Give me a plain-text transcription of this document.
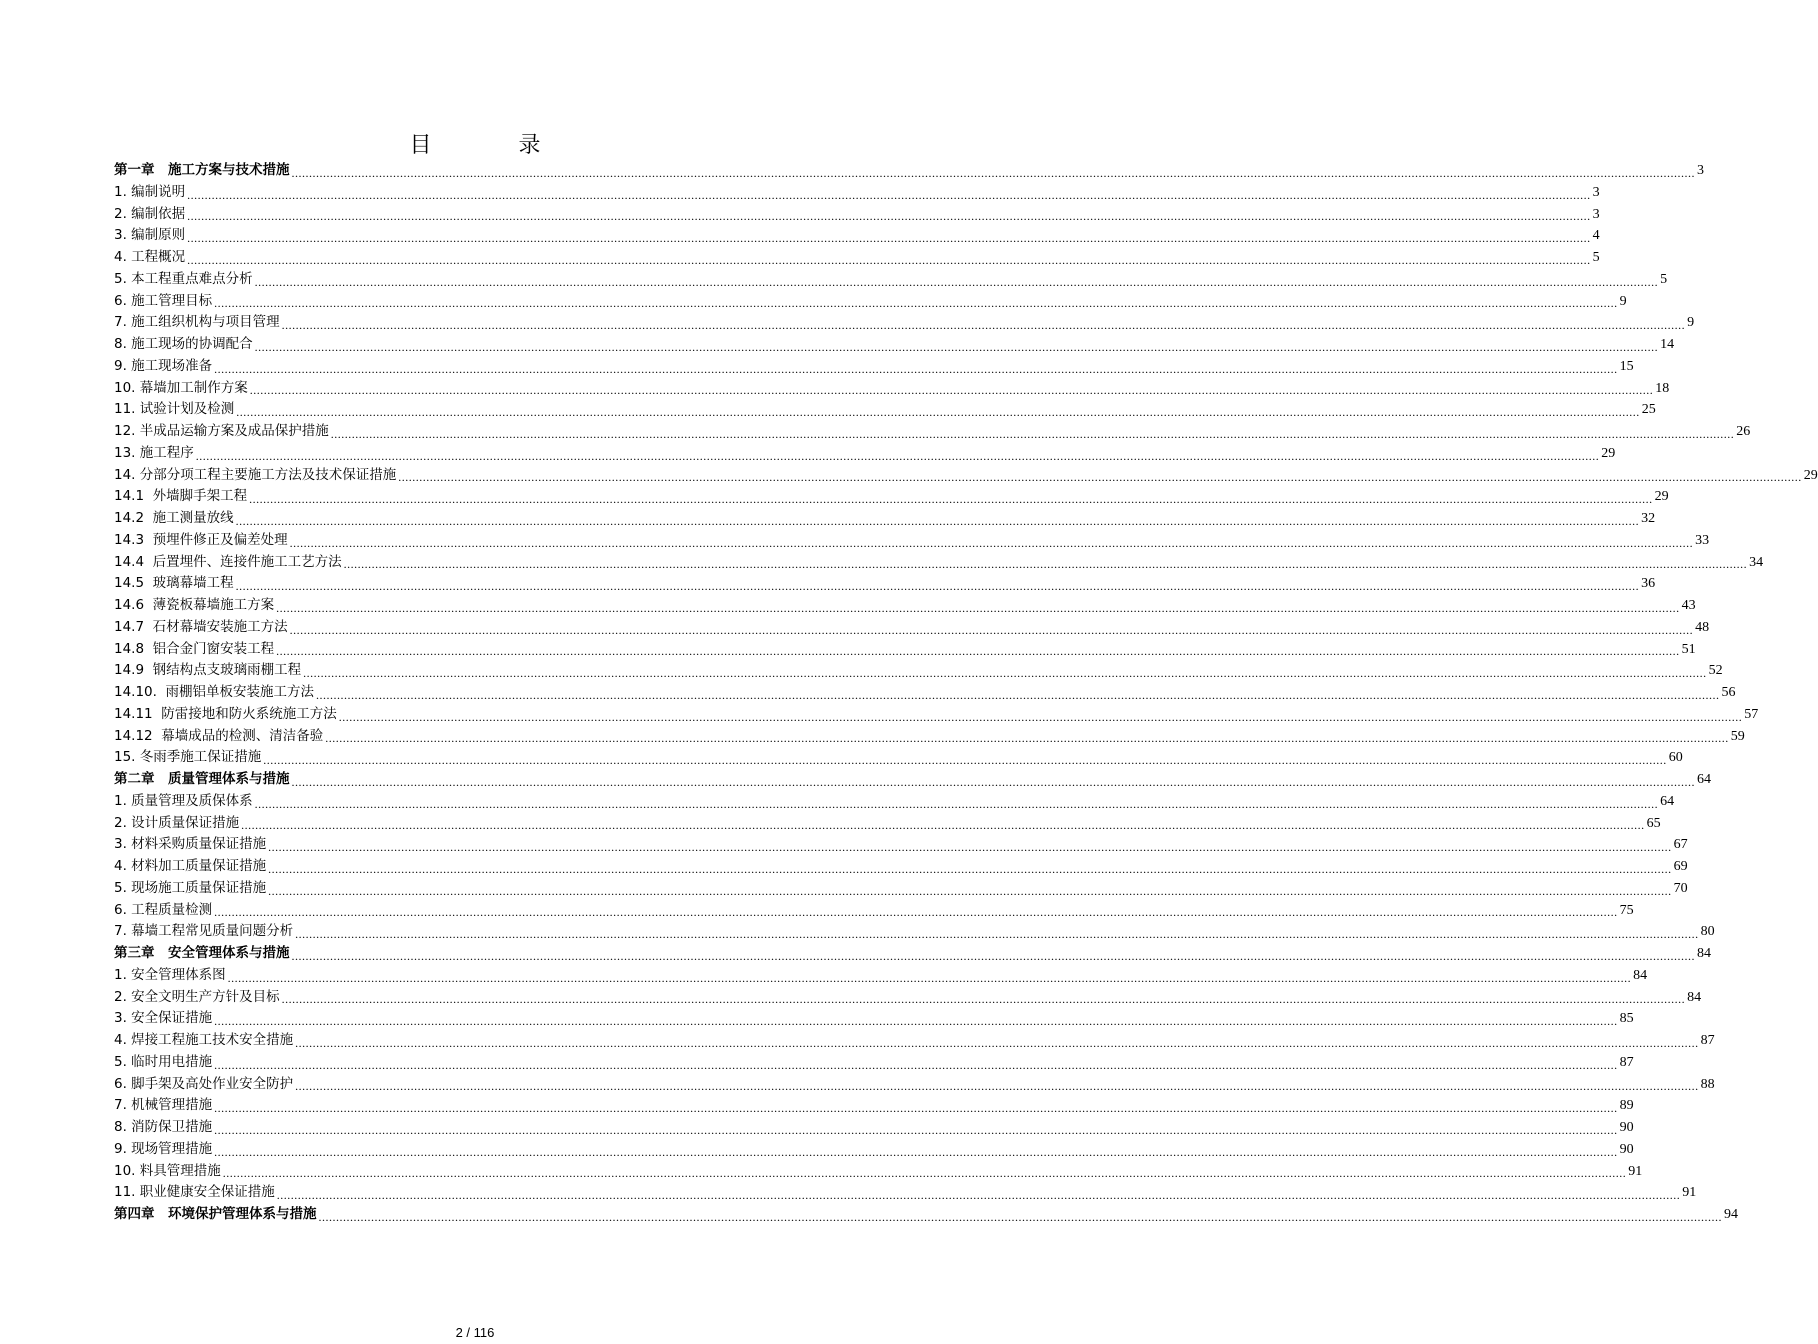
目 录
第一章　施工方案与技术措施 ................................................................................................................................................................................................................................................................................................................................................................................................................. 3
1. 编制说明 ................................................................................................................................................................................................................................................................................................................................................................................................................. 3
2. 编制依据 ................................................................................................................................................................................................................................................................................................................................................................................................................. 3
3. 编制原则 ................................................................................................................................................................................................................................................................................................................................................................................................................. 4
4. 工程概况 ................................................................................................................................................................................................................................................................................................................................................................................................................. 5
5. 本工程重点难点分析 ................................................................................................................................................................................................................................................................................................................................................................................................................. 5
6. 施工管理目标 ................................................................................................................................................................................................................................................................................................................................................................................................................. 9
7. 施工组织机构与项目管理 ................................................................................................................................................................................................................................................................................................................................................................................................................. 9
8. 施工现场的协调配合 ................................................................................................................................................................................................................................................................................................................................................................................................................. 14
9. 施工现场准备 ................................................................................................................................................................................................................................................................................................................................................................................................................. 15
10. 幕墙加工制作方案 ................................................................................................................................................................................................................................................................................................................................................................................................................. 18
11. 试验计划及检测 ................................................................................................................................................................................................................................................................................................................................................................................................................. 25
12. 半成品运输方案及成品保护措施 ................................................................................................................................................................................................................................................................................................................................................................................................................. 26
13. 施工程序 ................................................................................................................................................................................................................................................................................................................................................................................................................. 29
14. 分部分项工程主要施工方法及技术保证措施 ................................................................................................................................................................................................................................................................................................................................................................................................................. 29
14.1  外墙脚手架工程 ................................................................................................................................................................................................................................................................................................................................................................................................................. 29
14.2  施工测量放线 ................................................................................................................................................................................................................................................................................................................................................................................................................. 32
14.3  预埋件修正及偏差处理 ................................................................................................................................................................................................................................................................................................................................................................................................................. 33
14.4  后置埋件、连接件施工工艺方法 ................................................................................................................................................................................................................................................................................................................................................................................................................. 34
14.5  玻璃幕墙工程 ................................................................................................................................................................................................................................................................................................................................................................................................................. 36
14.6  薄瓷板幕墙施工方案 ................................................................................................................................................................................................................................................................................................................................................................................................................. 43
14.7  石材幕墙安装施工方法 ................................................................................................................................................................................................................................................................................................................................................................................................................. 48
14.8  铝合金门窗安装工程 ................................................................................................................................................................................................................................................................................................................................................................................................................. 51
14.9  钢结构点支玻璃雨棚工程 ................................................................................................................................................................................................................................................................................................................................................................................................................. 52
14.10.  雨棚铝单板安装施工方法 ................................................................................................................................................................................................................................................................................................................................................................................................................. 56
14.11  防雷接地和防火系统施工方法 ................................................................................................................................................................................................................................................................................................................................................................................................................. 57
14.12  幕墙成品的检测、清洁备验 ................................................................................................................................................................................................................................................................................................................................................................................................................. 59
15. 冬雨季施工保证措施 ................................................................................................................................................................................................................................................................................................................................................................................................................. 60
第二章　质量管理体系与措施 ................................................................................................................................................................................................................................................................................................................................................................................................................. 64
1. 质量管理及质保体系 ................................................................................................................................................................................................................................................................................................................................................................................................................. 64
2. 设计质量保证措施 ................................................................................................................................................................................................................................................................................................................................................................................................................. 65
3. 材料采购质量保证措施 ................................................................................................................................................................................................................................................................................................................................................................................................................. 67
4. 材料加工质量保证措施 ................................................................................................................................................................................................................................................................................................................................................................................................................. 69
5. 现场施工质量保证措施 ................................................................................................................................................................................................................................................................................................................................................................................................................. 70
6. 工程质量检测 ................................................................................................................................................................................................................................................................................................................................................................................................................. 75
7. 幕墙工程常见质量问题分析 ................................................................................................................................................................................................................................................................................................................................................................................................................. 80
第三章　安全管理体系与措施 ................................................................................................................................................................................................................................................................................................................................................................................................................. 84
1. 安全管理体系图 ................................................................................................................................................................................................................................................................................................................................................................................................................. 84
2. 安全文明生产方针及目标 ................................................................................................................................................................................................................................................................................................................................................................................................................. 84
3. 安全保证措施 ................................................................................................................................................................................................................................................................................................................................................................................................................. 85
4. 焊接工程施工技术安全措施 ................................................................................................................................................................................................................................................................................................................................................................................................................. 87
5. 临时用电措施 ................................................................................................................................................................................................................................................................................................................................................................................................................. 87
6. 脚手架及高处作业安全防护 ................................................................................................................................................................................................................................................................................................................................................................................................................. 88
7. 机械管理措施 ................................................................................................................................................................................................................................................................................................................................................................................................................. 89
8. 消防保卫措施 ................................................................................................................................................................................................................................................................................................................................................................................................................. 90
9. 现场管理措施 ................................................................................................................................................................................................................................................................................................................................................................................................................. 90
10. 料具管理措施 ................................................................................................................................................................................................................................................................................................................................................................................................................. 91
11. 职业健康安全保证措施 ................................................................................................................................................................................................................................................................................................................................................................................................................. 91
第四章　环境保护管理体系与措施 ................................................................................................................................................................................................................................................................................................................................................................................................................. 94
2 / 116
